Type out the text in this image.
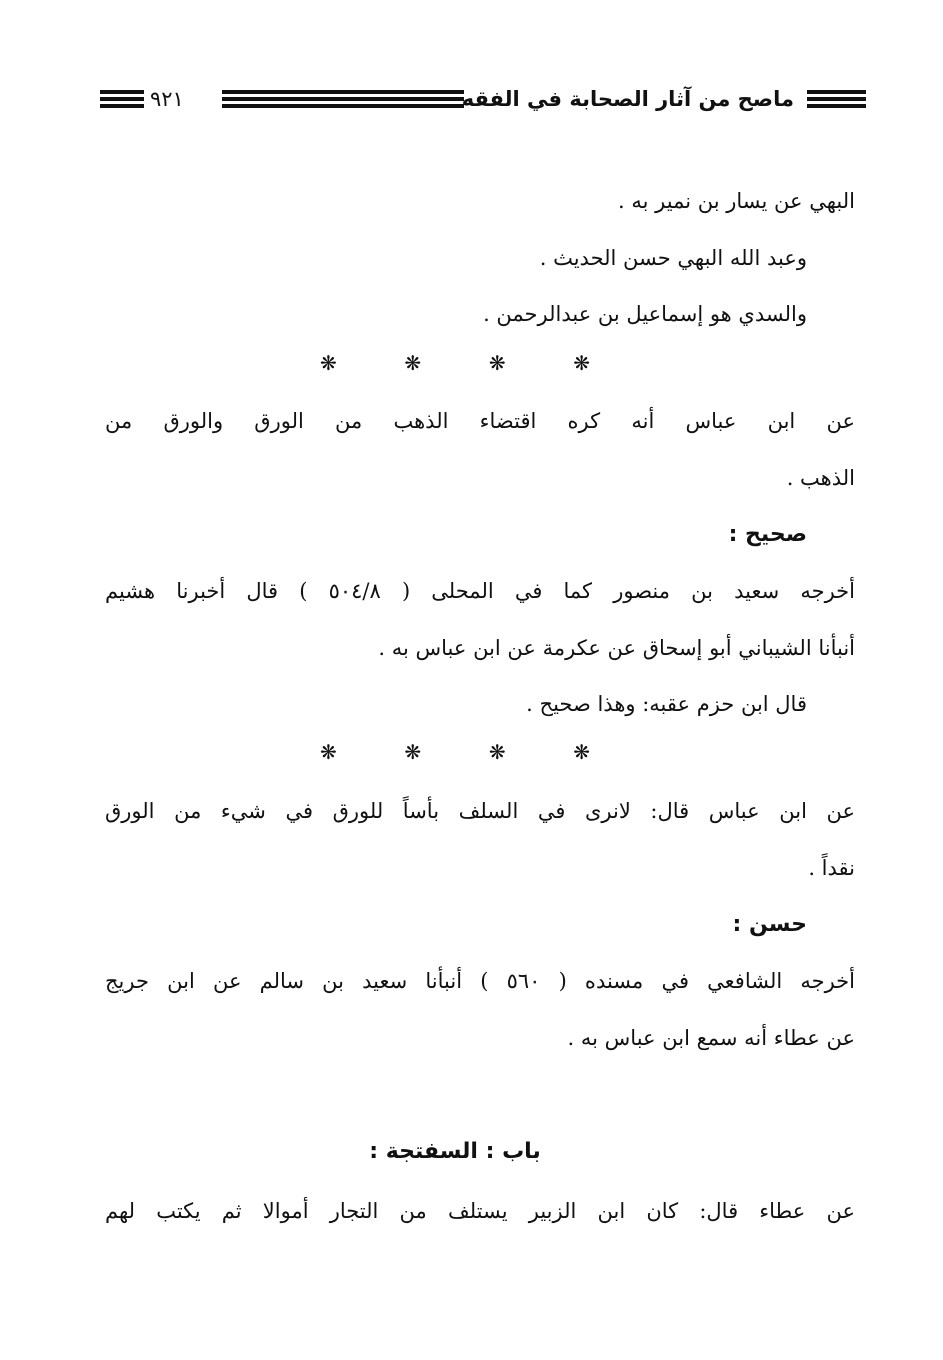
ماصح من آثار الصحابة في الفقه
٩٢١
البهي عن يسار بن نمير به .
وعبد الله البهي حسن الحديث .
والسدي هو إسماعيل بن عبدالرحمن .
❋
❋
❋
❋
عن ابن عباس أنه كره اقتضاء الذهب من الورق والورق من
الذهب .
صحيح :
أخرجه سعيد بن منصور كما في المحلى ( ٥٠٤/٨ ) قال أخبرنا هشيم
أنبأنا الشيباني أبو إسحاق عن عكرمة عن ابن عباس به .
قال ابن حزم عقبه: وهذا صحيح .
❋
❋
❋
❋
عن ابن عباس قال: لانرى في السلف بأساً للورق في شيء من الورق
نقداً .
حسن :
أخرجه الشافعي في مسنده ( ٥٦٠ ) أنبأنا سعيد بن سالم عن ابن جريج
عن عطاء أنه سمع ابن عباس به .
باب : السفتجة :
عن عطاء قال: كان ابن الزبير يستلف من التجار أموالا ثم يكتب لهم
